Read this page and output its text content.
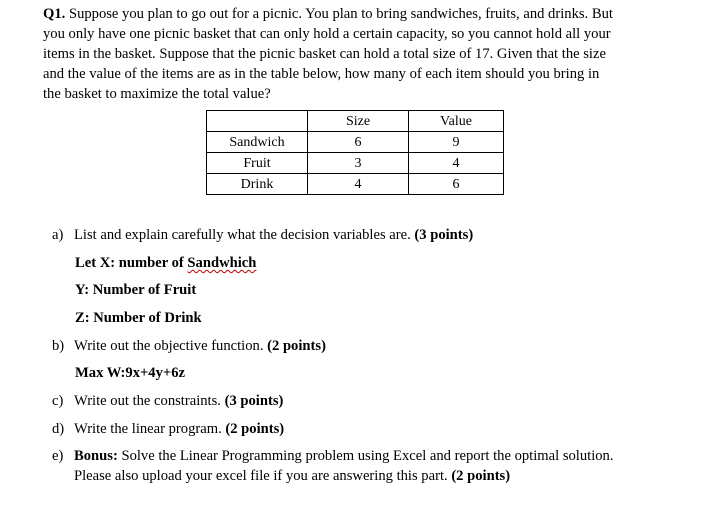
Q1. Suppose you plan to go out for a picnic. You plan to bring sandwiches, fruits, and drinks. But
you only have one picnic basket that can only hold a certain capacity, so you cannot hold all your
items in the basket. Suppose that the picnic basket can hold a total size of 17. Given that the size
and the value of the items are as in the table below, how many of each item should you bring in
the basket to maximize the total value?

	Size	Value
Sandwich	6	9
Fruit	3	4
Drink	4	6
a) List and explain carefully what the decision variables are. (3 points)
Let X: number of Sandwhich
Y: Number of Fruit
Z: Number of Drink
b) Write out the objective function. (2 points)
Max W:9x+4y+6z
c) Write out the constraints. (3 points)
d) Write the linear program. (2 points)
e) Bonus: Solve the Linear Programming problem using Excel and report the optimal solution.
Please also upload your excel file if you are answering this part. (2 points)
